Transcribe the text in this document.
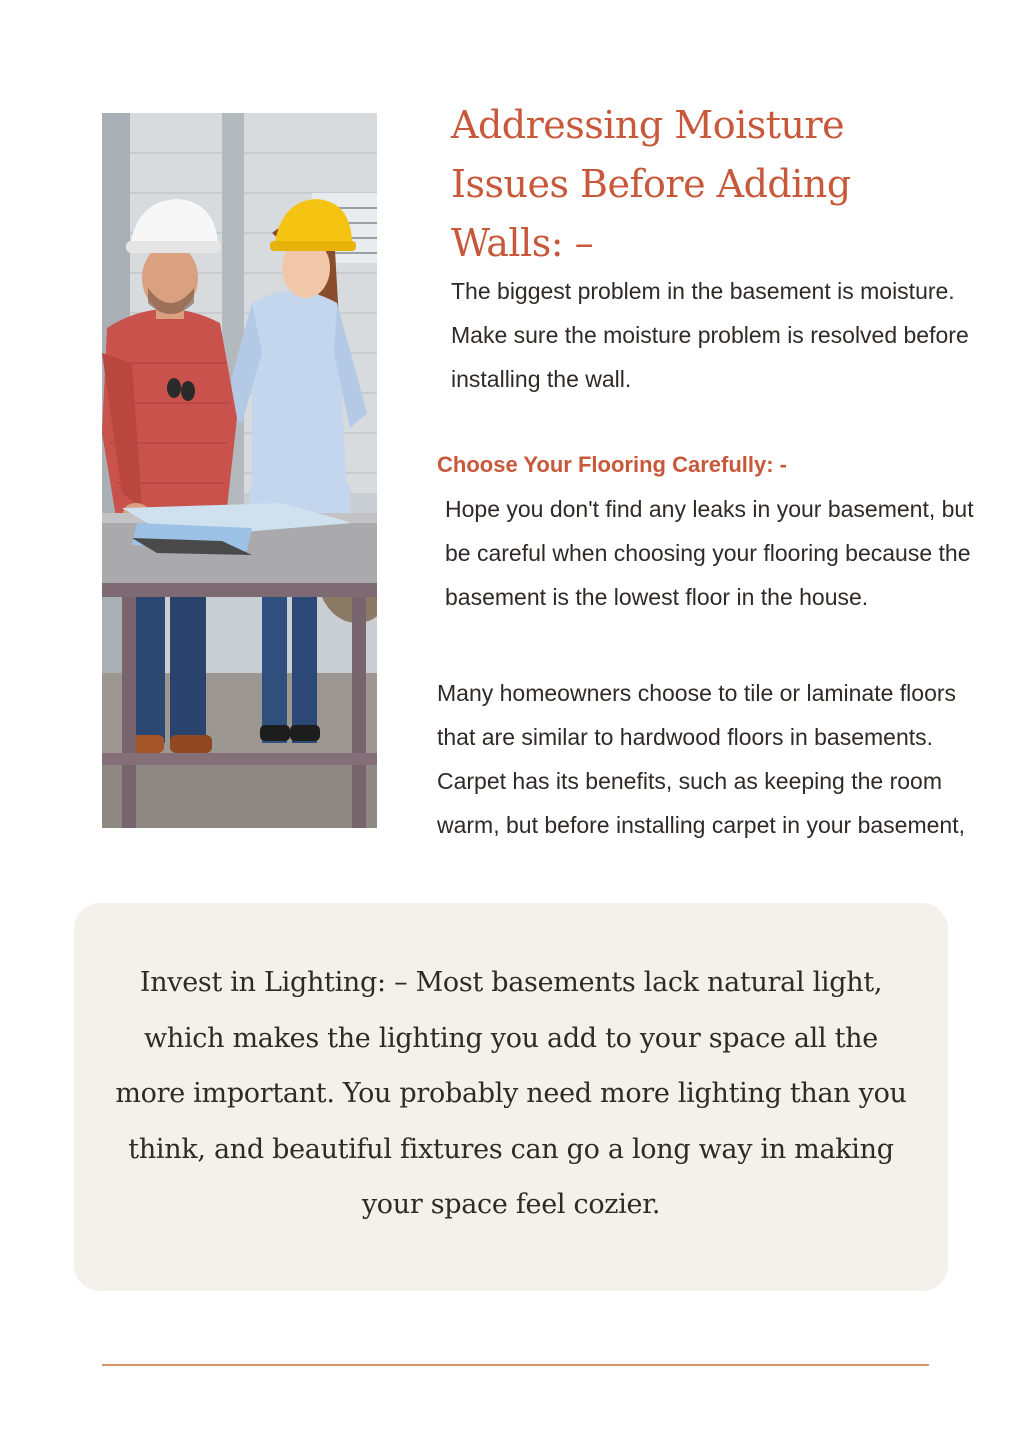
Addressing Moisture Issues Before Adding Walls: –

The biggest problem in the basement is moisture. Make sure the moisture problem is resolved before installing the wall.

Choose Your Flooring Carefully: -

Hope you don't find any leaks in your basement, but be careful when choosing your flooring because the basement is the lowest floor in the house.

Many homeowners choose to tile or laminate floors that are similar to hardwood floors in basements. Carpet has its benefits, such as keeping the room warm, but before installing carpet in your basement,

Invest in Lighting: – Most basements lack natural light, which makes the lighting you add to your space all the more important. You probably need more lighting than you think, and beautiful fixtures can go a long way in making your space feel cozier.
